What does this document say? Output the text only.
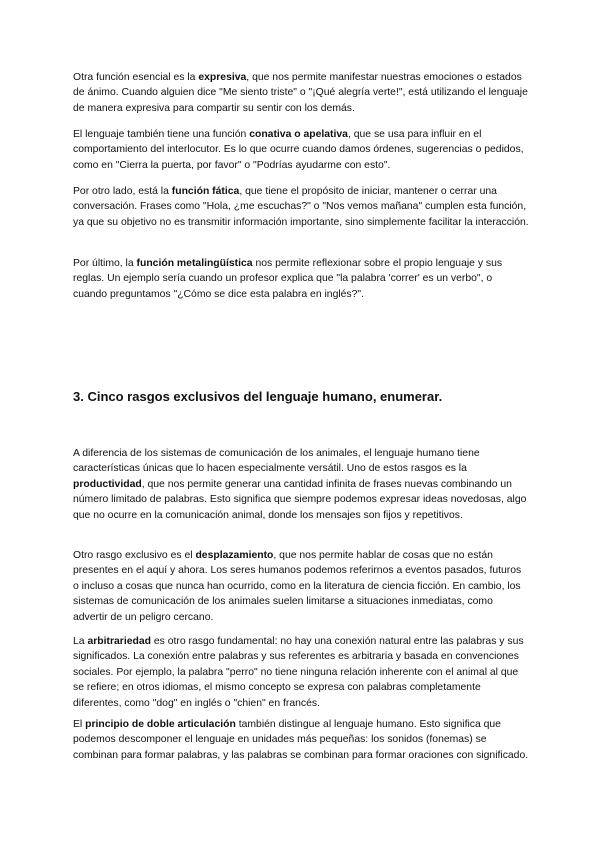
Otra función esencial es la expresiva, que nos permite manifestar nuestras emociones o estados de ánimo. Cuando alguien dice "Me siento triste" o "¡Qué alegría verte!", está utilizando el lenguaje de manera expresiva para compartir su sentir con los demás.

El lenguaje también tiene una función conativa o apelativa, que se usa para influir en el comportamiento del interlocutor. Es lo que ocurre cuando damos órdenes, sugerencias o pedidos, como en "Cierra la puerta, por favor" o "Podrías ayudarme con esto".

Por otro lado, está la función fática, que tiene el propósito de iniciar, mantener o cerrar una conversación. Frases como "Hola, ¿me escuchas?" o "Nos vemos mañana" cumplen esta función, ya que su objetivo no es transmitir información importante, sino simplemente facilitar la interacción.

Por último, la función metalingüística nos permite reflexionar sobre el propio lenguaje y sus reglas. Un ejemplo sería cuando un profesor explica que "la palabra 'correr' es un verbo", o cuando preguntamos "¿Cómo se dice esta palabra en inglés?".

3. Cinco rasgos exclusivos del lenguaje humano, enumerar.

A diferencia de los sistemas de comunicación de los animales, el lenguaje humano tiene características únicas que lo hacen especialmente versátil. Uno de estos rasgos es la productividad, que nos permite generar una cantidad infinita de frases nuevas combinando un número limitado de palabras. Esto significa que siempre podemos expresar ideas novedosas, algo que no ocurre en la comunicación animal, donde los mensajes son fijos y repetitivos.

Otro rasgo exclusivo es el desplazamiento, que nos permite hablar de cosas que no están presentes en el aquí y ahora. Los seres humanos podemos referirnos a eventos pasados, futuros o incluso a cosas que nunca han ocurrido, como en la literatura de ciencia ficción. En cambio, los sistemas de comunicación de los animales suelen limitarse a situaciones inmediatas, como advertir de un peligro cercano.

La arbitrariedad es otro rasgo fundamental: no hay una conexión natural entre las palabras y sus significados. La conexión entre palabras y sus referentes es arbitraria y basada en convenciones sociales. Por ejemplo, la palabra "perro" no tiene ninguna relación inherente con el animal al que se refiere; en otros idiomas, el mismo concepto se expresa con palabras completamente diferentes, como "dog" en inglés o "chien" en francés.

El principio de doble articulación también distingue al lenguaje humano. Esto significa que podemos descomponer el lenguaje en unidades más pequeñas: los sonidos (fonemas) se combinan para formar palabras, y las palabras se combinan para formar oraciones con significado.
